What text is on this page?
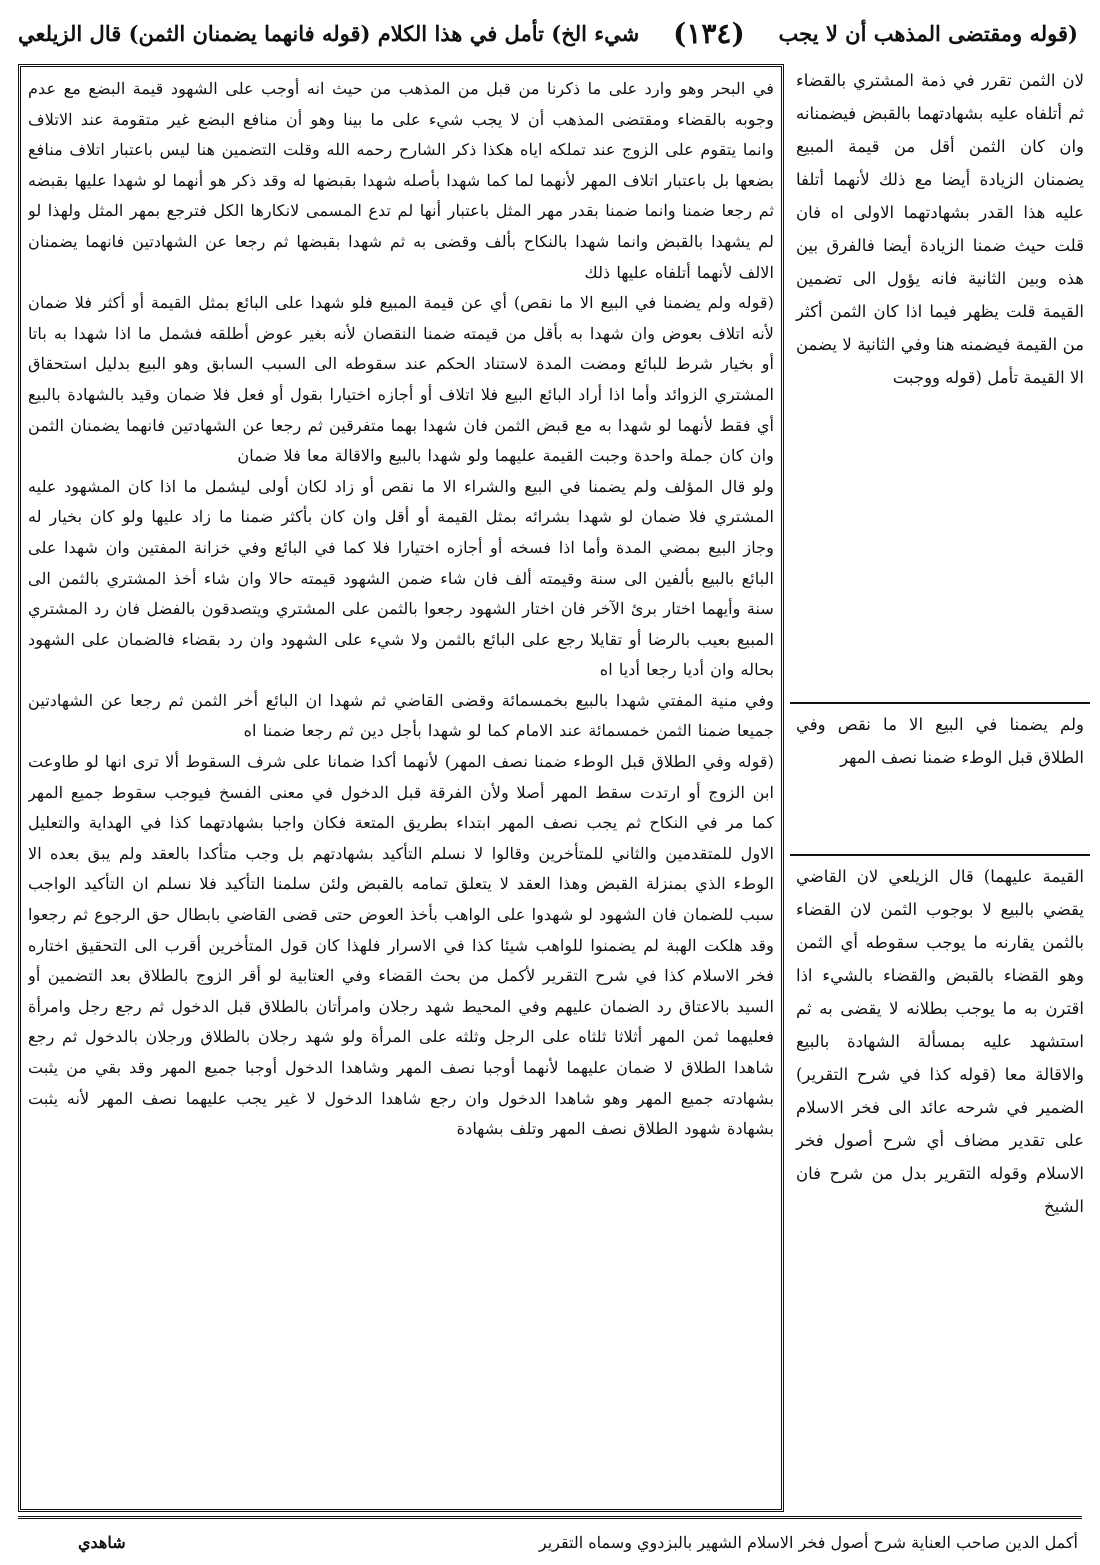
(قوله ومقتضى المذهب أن لا يجب
(١٣٤)
شيء الخ) تأمل في هذا الكلام (قوله فانهما يضمنان الثمن) قال الزيلعي

في البحر وهو وارد على ما ذكرنا من قبل من المذهب من حيث انه أوجب على الشهود قيمة البضع مع عدم وجوبه بالقضاء ومقتضى المذهب أن لا يجب شيء على ما بينا وهو أن منافع البضع غير متقومة عند الاتلاف وانما يتقوم على الزوج عند تملكه اياه هكذا ذكر الشارح رحمه الله وقلت التضمين هنا ليس باعتبار اتلاف منافع بضعها بل باعتبار اتلاف المهر لأنهما لما كما شهدا بأصله شهدا بقبضها له وقد ذكر هو أنهما لو شهدا عليها بقبضه ثم رجعا ضمنا وانما ضمنا بقدر مهر المثل باعتبار أنها لم تدع المسمى لانكارها الكل فترجع بمهر المثل ولهذا لو لم يشهدا بالقبض وانما شهدا بالنكاح بألف وقضى به ثم شهدا بقبضها ثم رجعا عن الشهادتين فانهما يضمنان الالف لأنهما أتلفاه عليها ذلك

(قوله ولم يضمنا في البيع الا ما نقص) أي عن قيمة المبيع فلو شهدا على البائع بمثل القيمة أو أكثر فلا ضمان لأنه اتلاف بعوض وان شهدا به بأقل من قيمته ضمنا النقصان لأنه بغير عوض أطلقه فشمل ما اذا شهدا به باتا أو بخيار شرط للبائع ومضت المدة لاستناد الحكم عند سقوطه الى السبب السابق وهو البيع بدليل استحقاق المشتري الزوائد وأما اذا أراد البائع البيع فلا اتلاف أو أجازه اختيارا بقول أو فعل فلا ضمان وقيد بالشهادة بالبيع أي فقط لأنهما لو شهدا به مع قبض الثمن فان شهدا بهما متفرقين ثم رجعا عن الشهادتين فانهما يضمنان الثمن وان كان جملة واحدة وجبت القيمة عليهما ولو شهدا بالبيع والاقالة معا فلا ضمان

ولو قال المؤلف ولم يضمنا في البيع والشراء الا ما نقص أو زاد لكان أولى ليشمل ما اذا كان المشهود عليه المشتري فلا ضمان لو شهدا بشرائه بمثل القيمة أو أقل وان كان بأكثر ضمنا ما زاد عليها ولو كان بخيار له وجاز البيع بمضي المدة وأما اذا فسخه أو أجازه اختيارا فلا كما في البائع وفي خزانة المفتين وان شهدا على البائع بالبيع بألفين الى سنة وقيمته ألف فان شاء ضمن الشهود قيمته حالا وان شاء أخذ المشتري بالثمن الى سنة وأيهما اختار برئ الآخر فان اختار الشهود رجعوا بالثمن على المشتري ويتصدقون بالفضل فان رد المشتري المبيع بعيب بالرضا أو تقايلا رجع على البائع بالثمن ولا شيء على الشهود وان رد بقضاء فالضمان على الشهود بحاله وان أديا رجعا أديا اه

وفي منية المفتي شهدا بالبيع بخمسمائة وقضى القاضي ثم شهدا ان البائع أخر الثمن ثم رجعا عن الشهادتين جميعا ضمنا الثمن خمسمائة عند الامام كما لو شهدا بأجل دين ثم رجعا ضمنا اه

(قوله وفي الطلاق قبل الوطء ضمنا نصف المهر) لأنهما أكدا ضمانا على شرف السقوط ألا ترى انها لو طاوعت ابن الزوج أو ارتدت سقط المهر أصلا ولأن الفرقة قبل الدخول في معنى الفسخ فيوجب سقوط جميع المهر كما مر في النكاح ثم يجب نصف المهر ابتداء بطريق المتعة فكان واجبا بشهادتهما كذا في الهداية والتعليل الاول للمتقدمين والثاني للمتأخرين وقالوا لا نسلم التأكيد بشهادتهم بل وجب متأكدا بالعقد ولم يبق بعده الا الوطء الذي بمنزلة القبض وهذا العقد لا يتعلق تمامه بالقبض ولئن سلمنا التأكيد فلا نسلم ان التأكيد الواجب سبب للضمان فان الشهود لو شهدوا على الواهب بأخذ العوض حتى قضى القاضي بابطال حق الرجوع ثم رجعوا وقد هلكت الهبة لم يضمنوا للواهب شيئا كذا في الاسرار فلهذا كان قول المتأخرين أقرب الى التحقيق اختاره فخر الاسلام كذا في شرح التقرير لأكمل من بحث القضاء وفي العتابية لو أقر الزوج بالطلاق بعد التضمين أو السيد بالاعتاق رد الضمان عليهم وفي المحيط شهد رجلان وامرأتان بالطلاق قبل الدخول ثم رجع رجل وامرأة فعليهما ثمن المهر أثلاثا ثلثاه على الرجل وثلثه على المرأة ولو شهد رجلان بالطلاق ورجلان بالدخول ثم رجع شاهدا الطلاق لا ضمان عليهما لأنهما أوجبا نصف المهر وشاهدا الدخول أوجبا جميع المهر وقد بقي من يثبت بشهادته جميع المهر وهو شاهدا الدخول وان رجع شاهدا الدخول لا غير يجب عليهما نصف المهر لأنه يثبت بشهادة شهود الطلاق نصف المهر وتلف بشهادة

لان الثمن تقرر في ذمة المشتري بالقضاء ثم أتلفاه عليه بشهادتهما بالقبض فيضمنانه وان كان الثمن أقل من قيمة المبيع يضمنان الزيادة أيضا مع ذلك لأنهما أتلفا عليه هذا القدر بشهادتهما الاولى اه فان قلت حيث ضمنا الزيادة أيضا فالفرق بين هذه وبين الثانية فانه يؤول الى تضمين القيمة قلت يظهر فيما اذا كان الثمن أكثر من القيمة فيضمنه هنا وفي الثانية لا يضمن الا القيمة تأمل (قوله ووجبت

ولم يضمنا في البيع الا ما نقص وفي الطلاق قبل الوطء ضمنا نصف المهر

القيمة عليهما) قال الزيلعي لان القاضي يقضي بالبيع لا بوجوب الثمن لان القضاء بالثمن يقارنه ما يوجب سقوطه أي الثمن وهو القضاء بالقبض والقضاء بالشيء اذا اقترن به ما يوجب بطلانه لا يقضى به ثم استشهد عليه بمسألة الشهادة بالبيع والاقالة معا (قوله كذا في شرح التقرير) الضمير في شرحه عائد الى فخر الاسلام على تقدير مضاف أي شرح أصول فخر الاسلام وقوله التقرير بدل من شرح فان الشيخ

أكمل الدين صاحب العناية شرح أصول فخر الاسلام الشهير بالبزدوي وسماه التقرير
شاهدي
